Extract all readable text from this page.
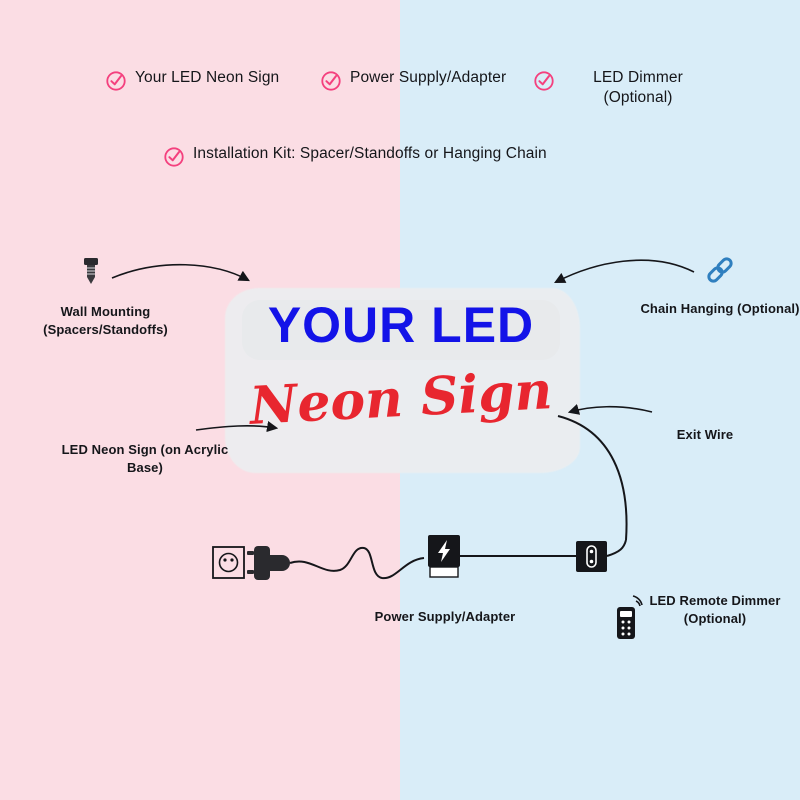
Your LED Neon Sign	Power Supply/Adapter	LED Dimmer (Optional)
Installation Kit: Spacer/Standoffs or Hanging Chain
YOUR LED
Neon Sign
Wall Mounting (Spacers/Standoffs)
Chain Hanging (Optional)
LED Neon Sign (on Acrylic Base)
Exit Wire
Power Supply/Adapter
LED Remote Dimmer (Optional)
